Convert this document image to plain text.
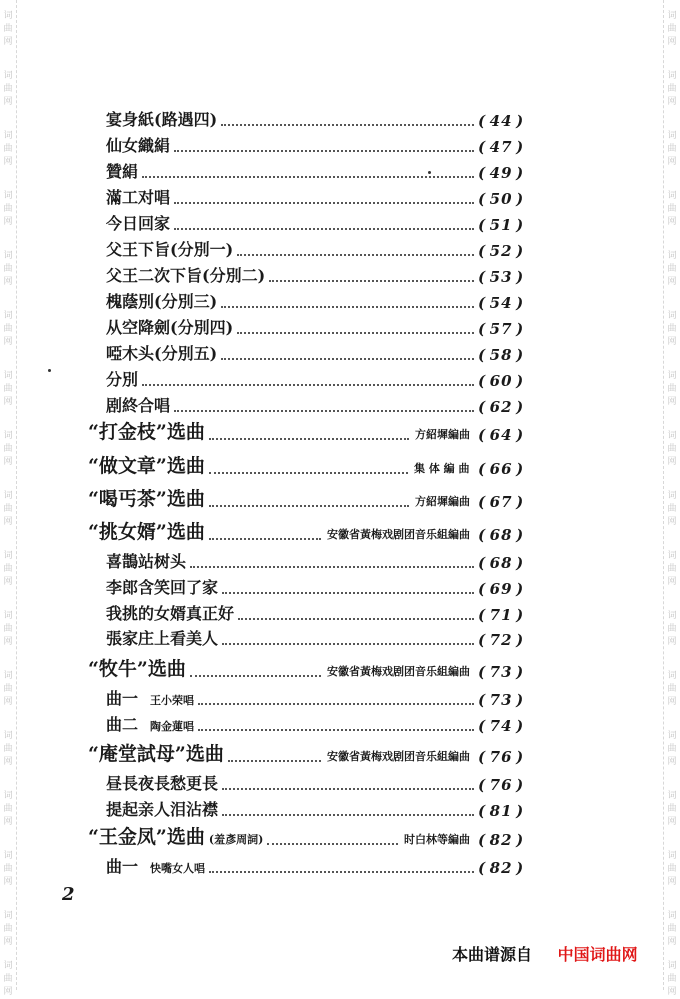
词
曲
网
词
曲
网
词
曲
网
词
曲
网
词
曲
网
词
曲
网
词
曲
网
词
曲
网
词
曲
网
词
曲
网
词
曲
网
词
曲
网
词
曲
网
词
曲
网
词
曲
网
词
曲
网
词
曲
网
词
曲
网
词
曲
网
词
曲
网
词
曲
网
词
曲
网
词
曲
网
词
曲
网
词
曲
网
词
曲
网
词
曲
网
词
曲
网
词
曲
网
词
曲
网
词
曲
网
词
曲
网
词
曲
网
词
曲
网
宴身紙(路遇四)	( 44 )
仙女織絹	( 47 )
贊絹	( 49 )
滿工对唱	( 50 )
今日回家	( 51 )
父王下旨(分別一)	( 52 )
父王二次下旨(分別二)	( 53 )
槐蔭別(分別三)	( 54 )
从空降劍(分別四)	( 57 )
啞木头(分別五)	( 58 )
分別	( 60 )
剧終合唱	( 62 )
“打金枝”选曲	方紹墀編曲 ( 64 )
“做文章”选曲	集 体 編 曲 ( 66 )
“喝丐茶”选曲	方紹墀編曲 ( 67 )
“挑女婿”选曲	安徽省黃梅戏剧团音乐組編曲 ( 68 )
喜鵲站树头	( 68 )
李郎含笑回了家	( 69 )
我挑的女婿真正好	( 71 )
張家庄上看美人	( 72 )
“牧牛”选曲	安徽省黃梅戏剧团音乐組編曲 ( 73 )
曲一 王小荣唱	( 73 )
曲二 陶金蓮唱	( 74 )
“庵堂試母”选曲	安徽省黃梅戏剧团音乐組編曲 ( 76 )
昼長夜長愁更長	( 76 )
提起亲人泪沾襟	( 81 )
“王金凤”选曲 (羞彥周詞)	时白林等編曲 ( 82 )
曲一 快嘴女人唱	( 82 )
2
本曲谱源自 中国词曲网
